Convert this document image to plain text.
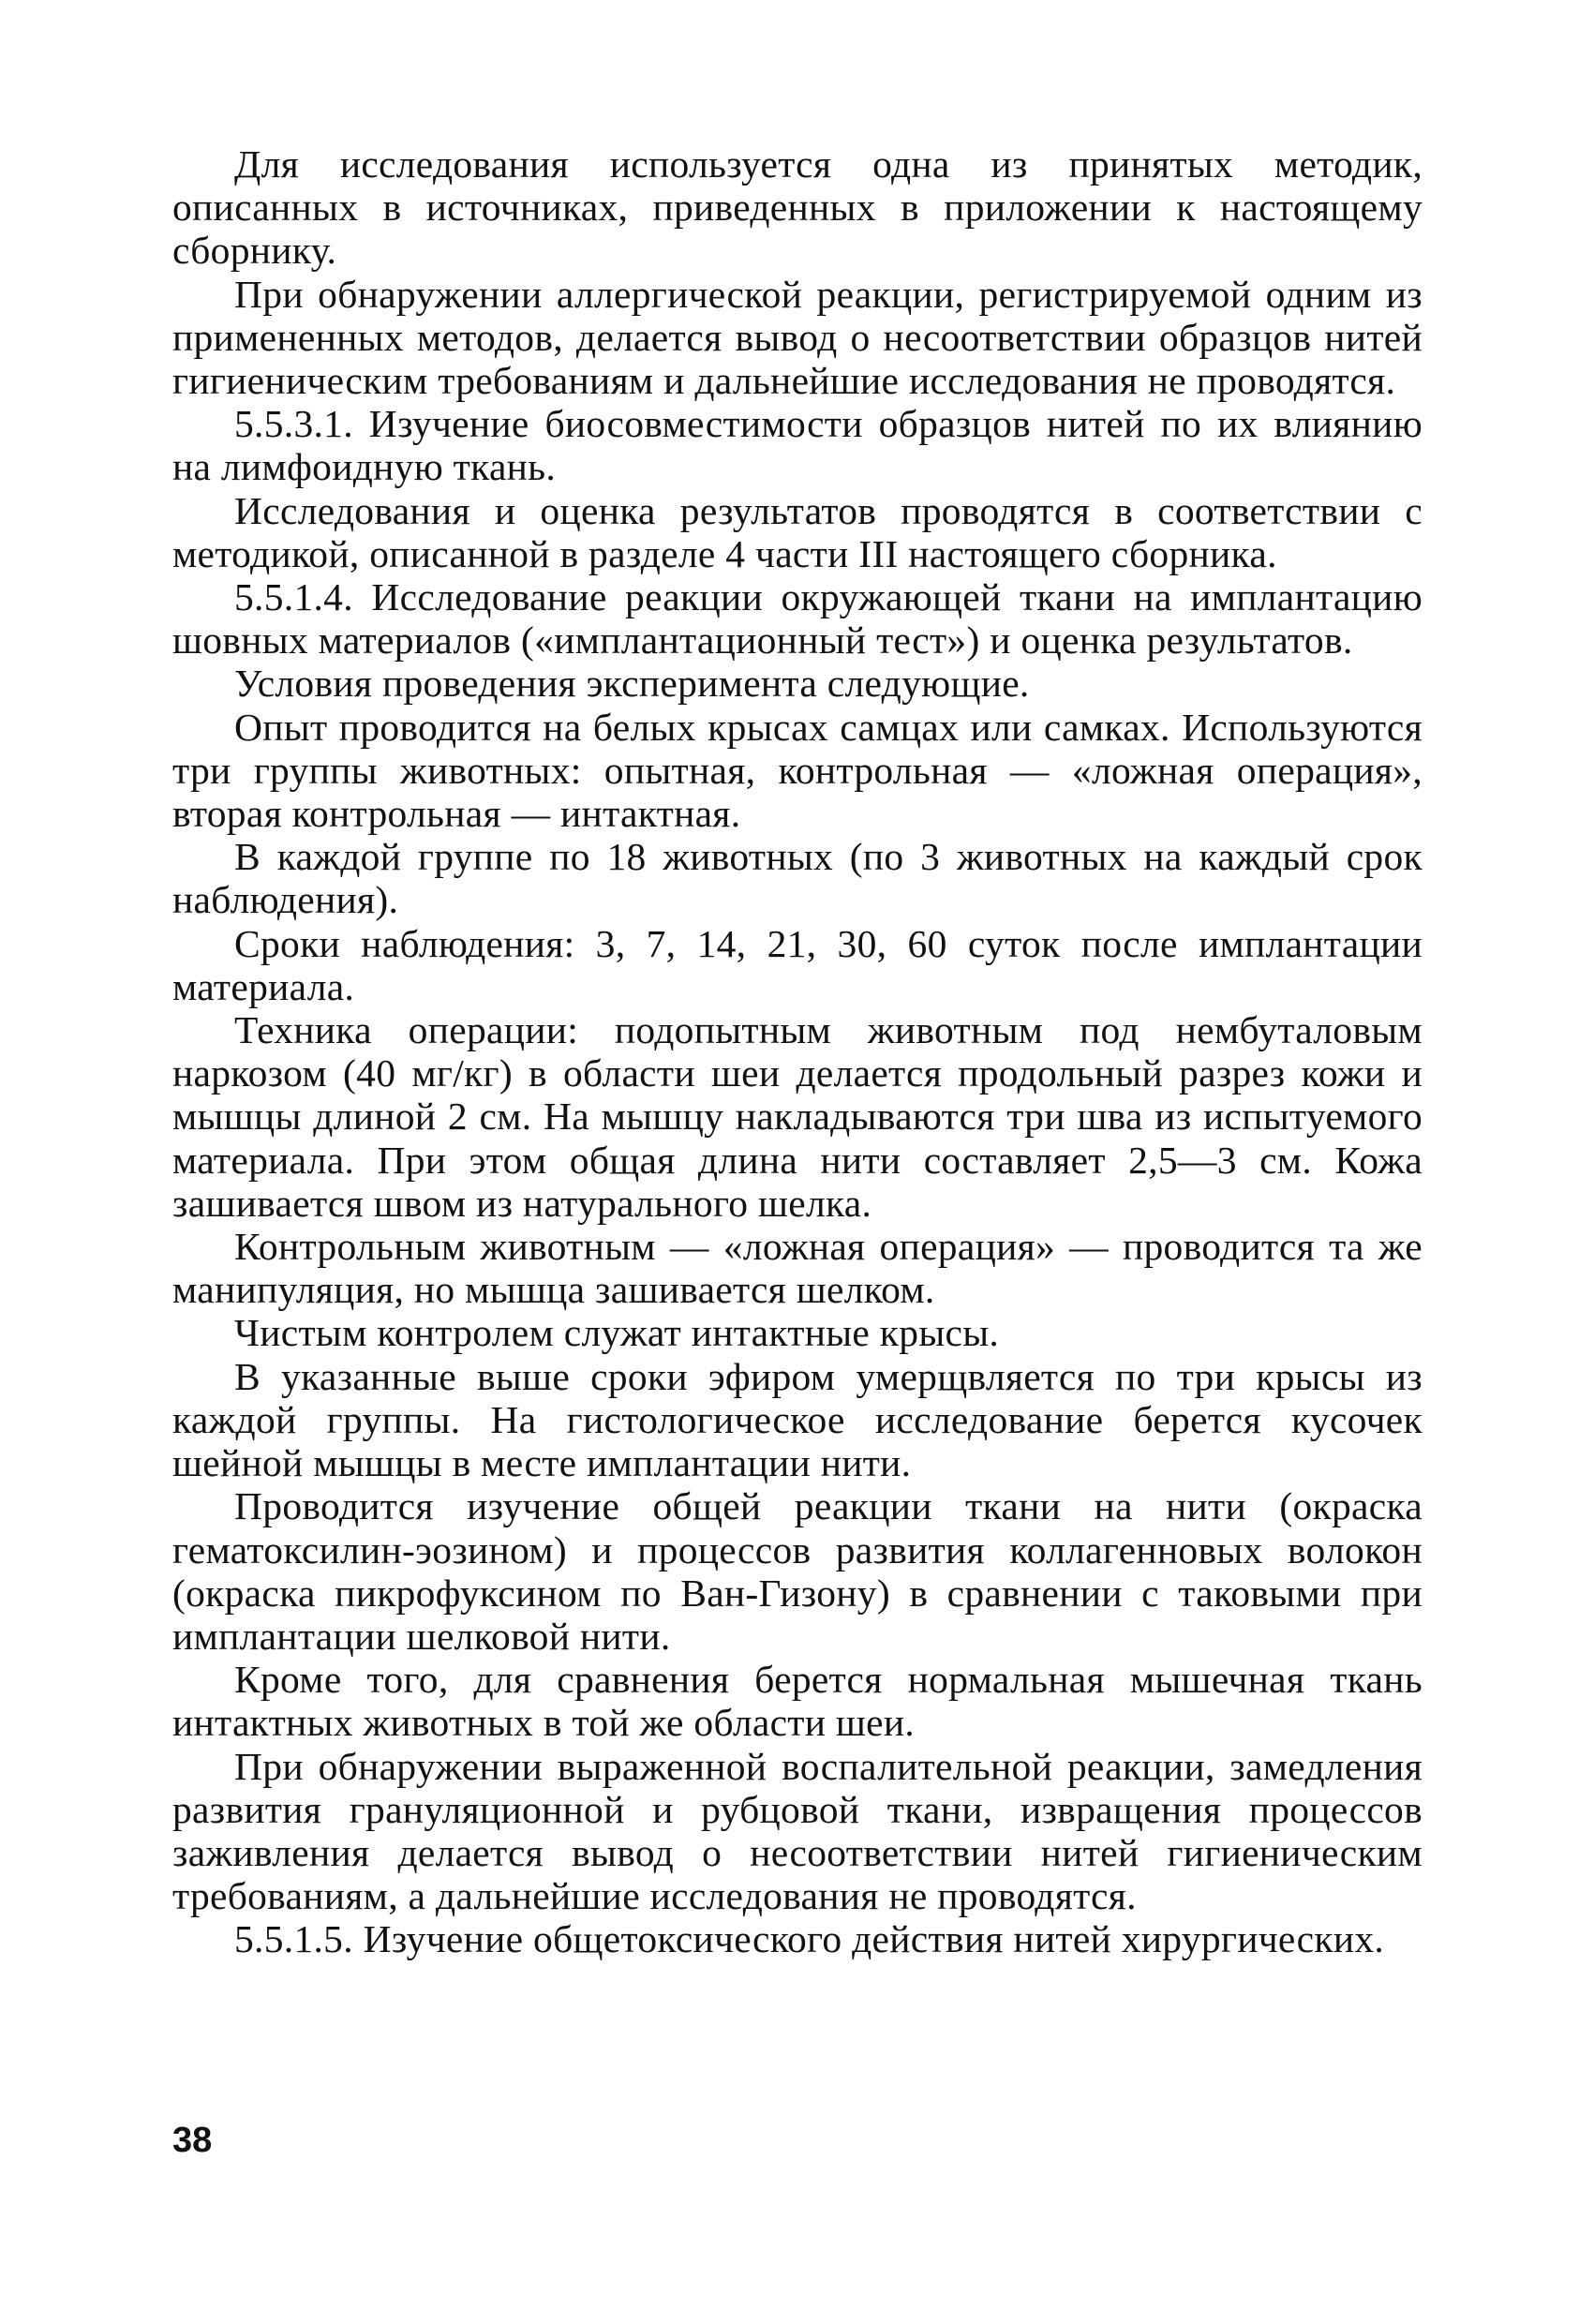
Для исследования используется одна из принятых методик, описанных в источниках, приведенных в приложении к настоящему сборнику.

При обнаружении аллергической реакции, регистрируемой одним из примененных методов, делается вывод о несоответствии образцов нитей гигиеническим требованиям и дальнейшие исследования не проводятся.

5.5.3.1. Изучение биосовместимости образцов нитей по их влиянию на лимфоидную ткань.

Исследования и оценка результатов проводятся в соответствии с методикой, описанной в разделе 4 части III настоящего сборника.

5.5.1.4. Исследование реакции окружающей ткани на имплантацию шовных материалов («имплантационный тест») и оценка результатов.

Условия проведения эксперимента следующие.

Опыт проводится на белых крысах самцах или самках. Используются три группы животных: опытная, контрольная — «ложная операция», вторая контрольная — интактная.

В каждой группе по 18 животных (по 3 животных на каждый срок наблюдения).

Сроки наблюдения: 3, 7, 14, 21, 30, 60 суток после имплантации материала.

Техника операции: подопытным животным под нембуталовым наркозом (40 мг/кг) в области шеи делается продольный разрез кожи и мышцы длиной 2 см. На мышцу накладываются три шва из испытуемого материала. При этом общая длина нити составляет 2,5—3 см. Кожа зашивается швом из натурального шелка.

Контрольным животным — «ложная операция» — проводится та же манипуляция, но мышца зашивается шелком.

Чистым контролем служат интактные крысы.

В указанные выше сроки эфиром умерщвляется по три крысы из каждой группы. На гистологическое исследование берется кусочек шейной мышцы в месте имплантации нити.

Проводится изучение общей реакции ткани на нити (окраска гематоксилин-эозином) и процессов развития коллагенновых волокон (окраска пикрофуксином по Ван-Гизону) в сравнении с таковыми при имплантации шелковой нити.

Кроме того, для сравнения берется нормальная мышечная ткань интактных животных в той же области шеи.

При обнаружении выраженной воспалительной реакции, замедления развития грануляционной и рубцовой ткани, извращения процессов заживления делается вывод о несоответствии нитей гигиеническим требованиям, а дальнейшие исследования не проводятся.

5.5.1.5. Изучение общетоксического действия нитей хирургических.

38
